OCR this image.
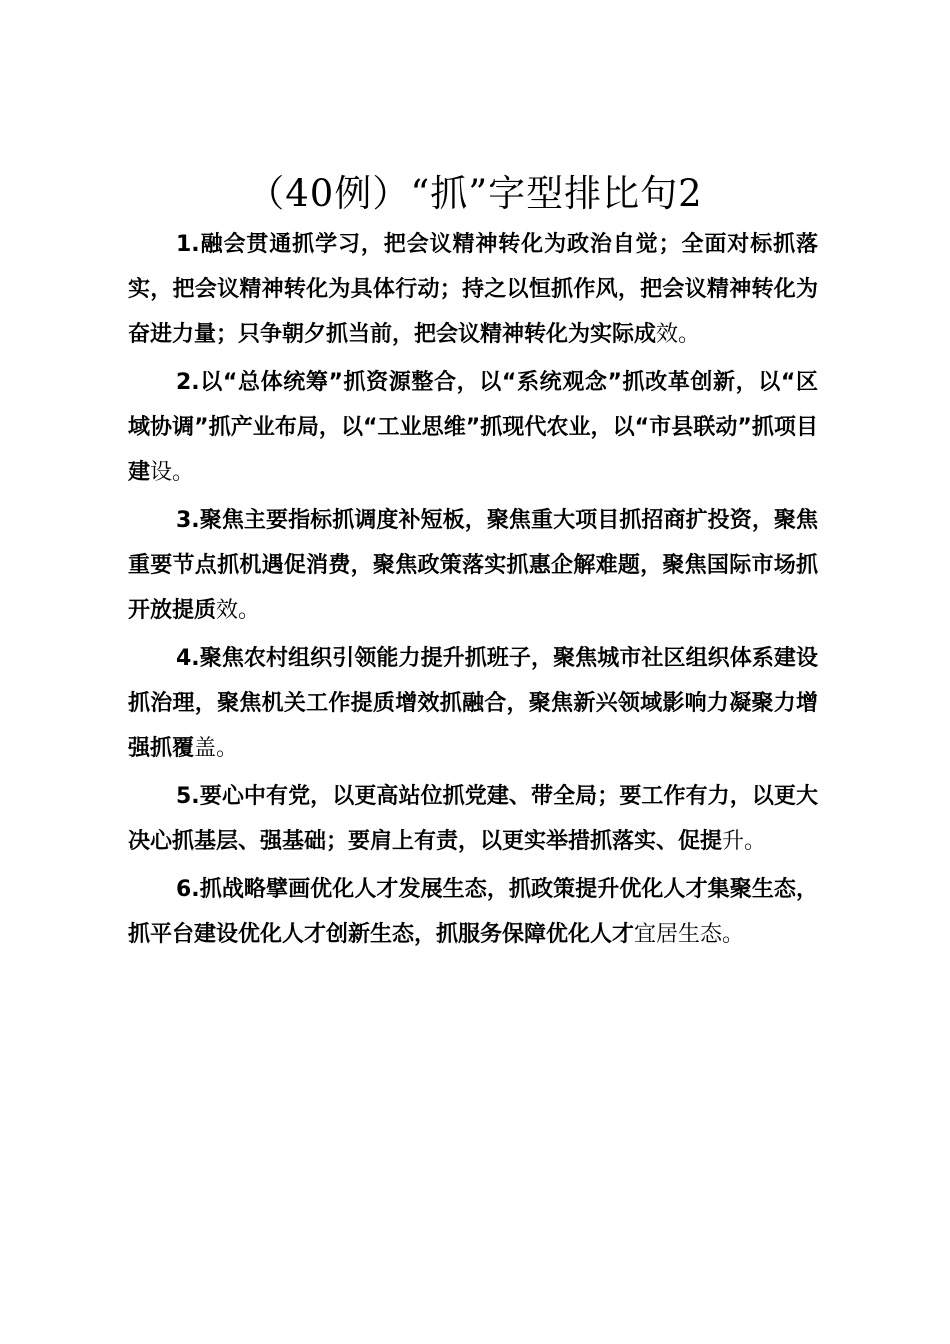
（40例）“抓”字型排比句2

1.融会贯通抓学习，把会议精神转化为政治自觉；全面对标抓落实，把会议精神转化为具体行动；持之以恒抓作风，把会议精神转化为奋进力量；只争朝夕抓当前，把会议精神转化为实际成效。

2.以“总体统筹”抓资源整合，以“系统观念”抓改革创新，以“区域协调”抓产业布局，以“工业思维”抓现代农业，以“市县联动”抓项目建设。

3.聚焦主要指标抓调度补短板，聚焦重大项目抓招商扩投资，聚焦重要节点抓机遇促消费，聚焦政策落实抓惠企解难题，聚焦国际市场抓开放提质效。

4.聚焦农村组织引领能力提升抓班子，聚焦城市社区组织体系建设抓治理，聚焦机关工作提质增效抓融合，聚焦新兴领域影响力凝聚力增强抓覆盖。

5.要心中有党，以更高站位抓党建、带全局；要工作有力，以更大决心抓基层、强基础；要肩上有责，以更实举措抓落实、促提升。

6.抓战略擘画优化人才发展生态，抓政策提升优化人才集聚生态，抓平台建设优化人才创新生态，抓服务保障优化人才宜居生态。
